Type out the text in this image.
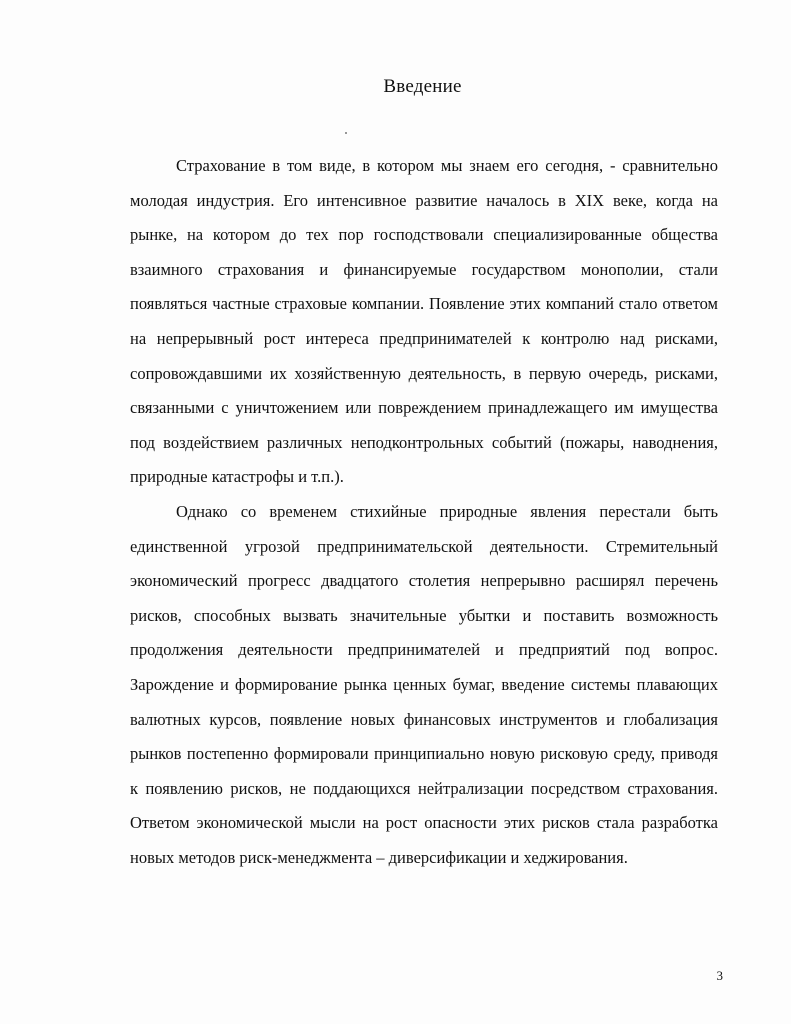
Введение

Страхование в том виде, в котором мы знаем его сегодня, - сравнительно молодая индустрия. Его интенсивное развитие началось в XIX веке, когда на рынке, на котором до тех пор господствовали специализированные общества взаимного страхования и финансируемые государством монополии, стали появляться частные страховые компании. Появление этих компаний стало ответом на непрерывный рост интереса предпринимателей к контролю над рисками, сопровождавшими их хозяйственную деятельность, в первую очередь, рисками, связанными с уничтожением или повреждением принадлежащего им имущества под воздействием различных неподконтрольных событий (пожары, наводнения, природные катастрофы и т.п.).

Однако со временем стихийные природные явления перестали быть единственной угрозой предпринимательской деятельности. Стремительный экономический прогресс двадцатого столетия непрерывно расширял перечень рисков, способных вызвать значительные убытки и поставить возможность продолжения деятельности предпринимателей и предприятий под вопрос. Зарождение и формирование рынка ценных бумаг, введение системы плавающих валютных курсов, появление новых финансовых инструментов и глобализация рынков постепенно формировали принципиально новую рисковую среду, приводя к появлению рисков, не поддающихся нейтрализации посредством страхования. Ответом экономической мысли на рост опасности этих рисков стала разработка новых методов риск-менеджмента – диверсификации и хеджирования.

3
